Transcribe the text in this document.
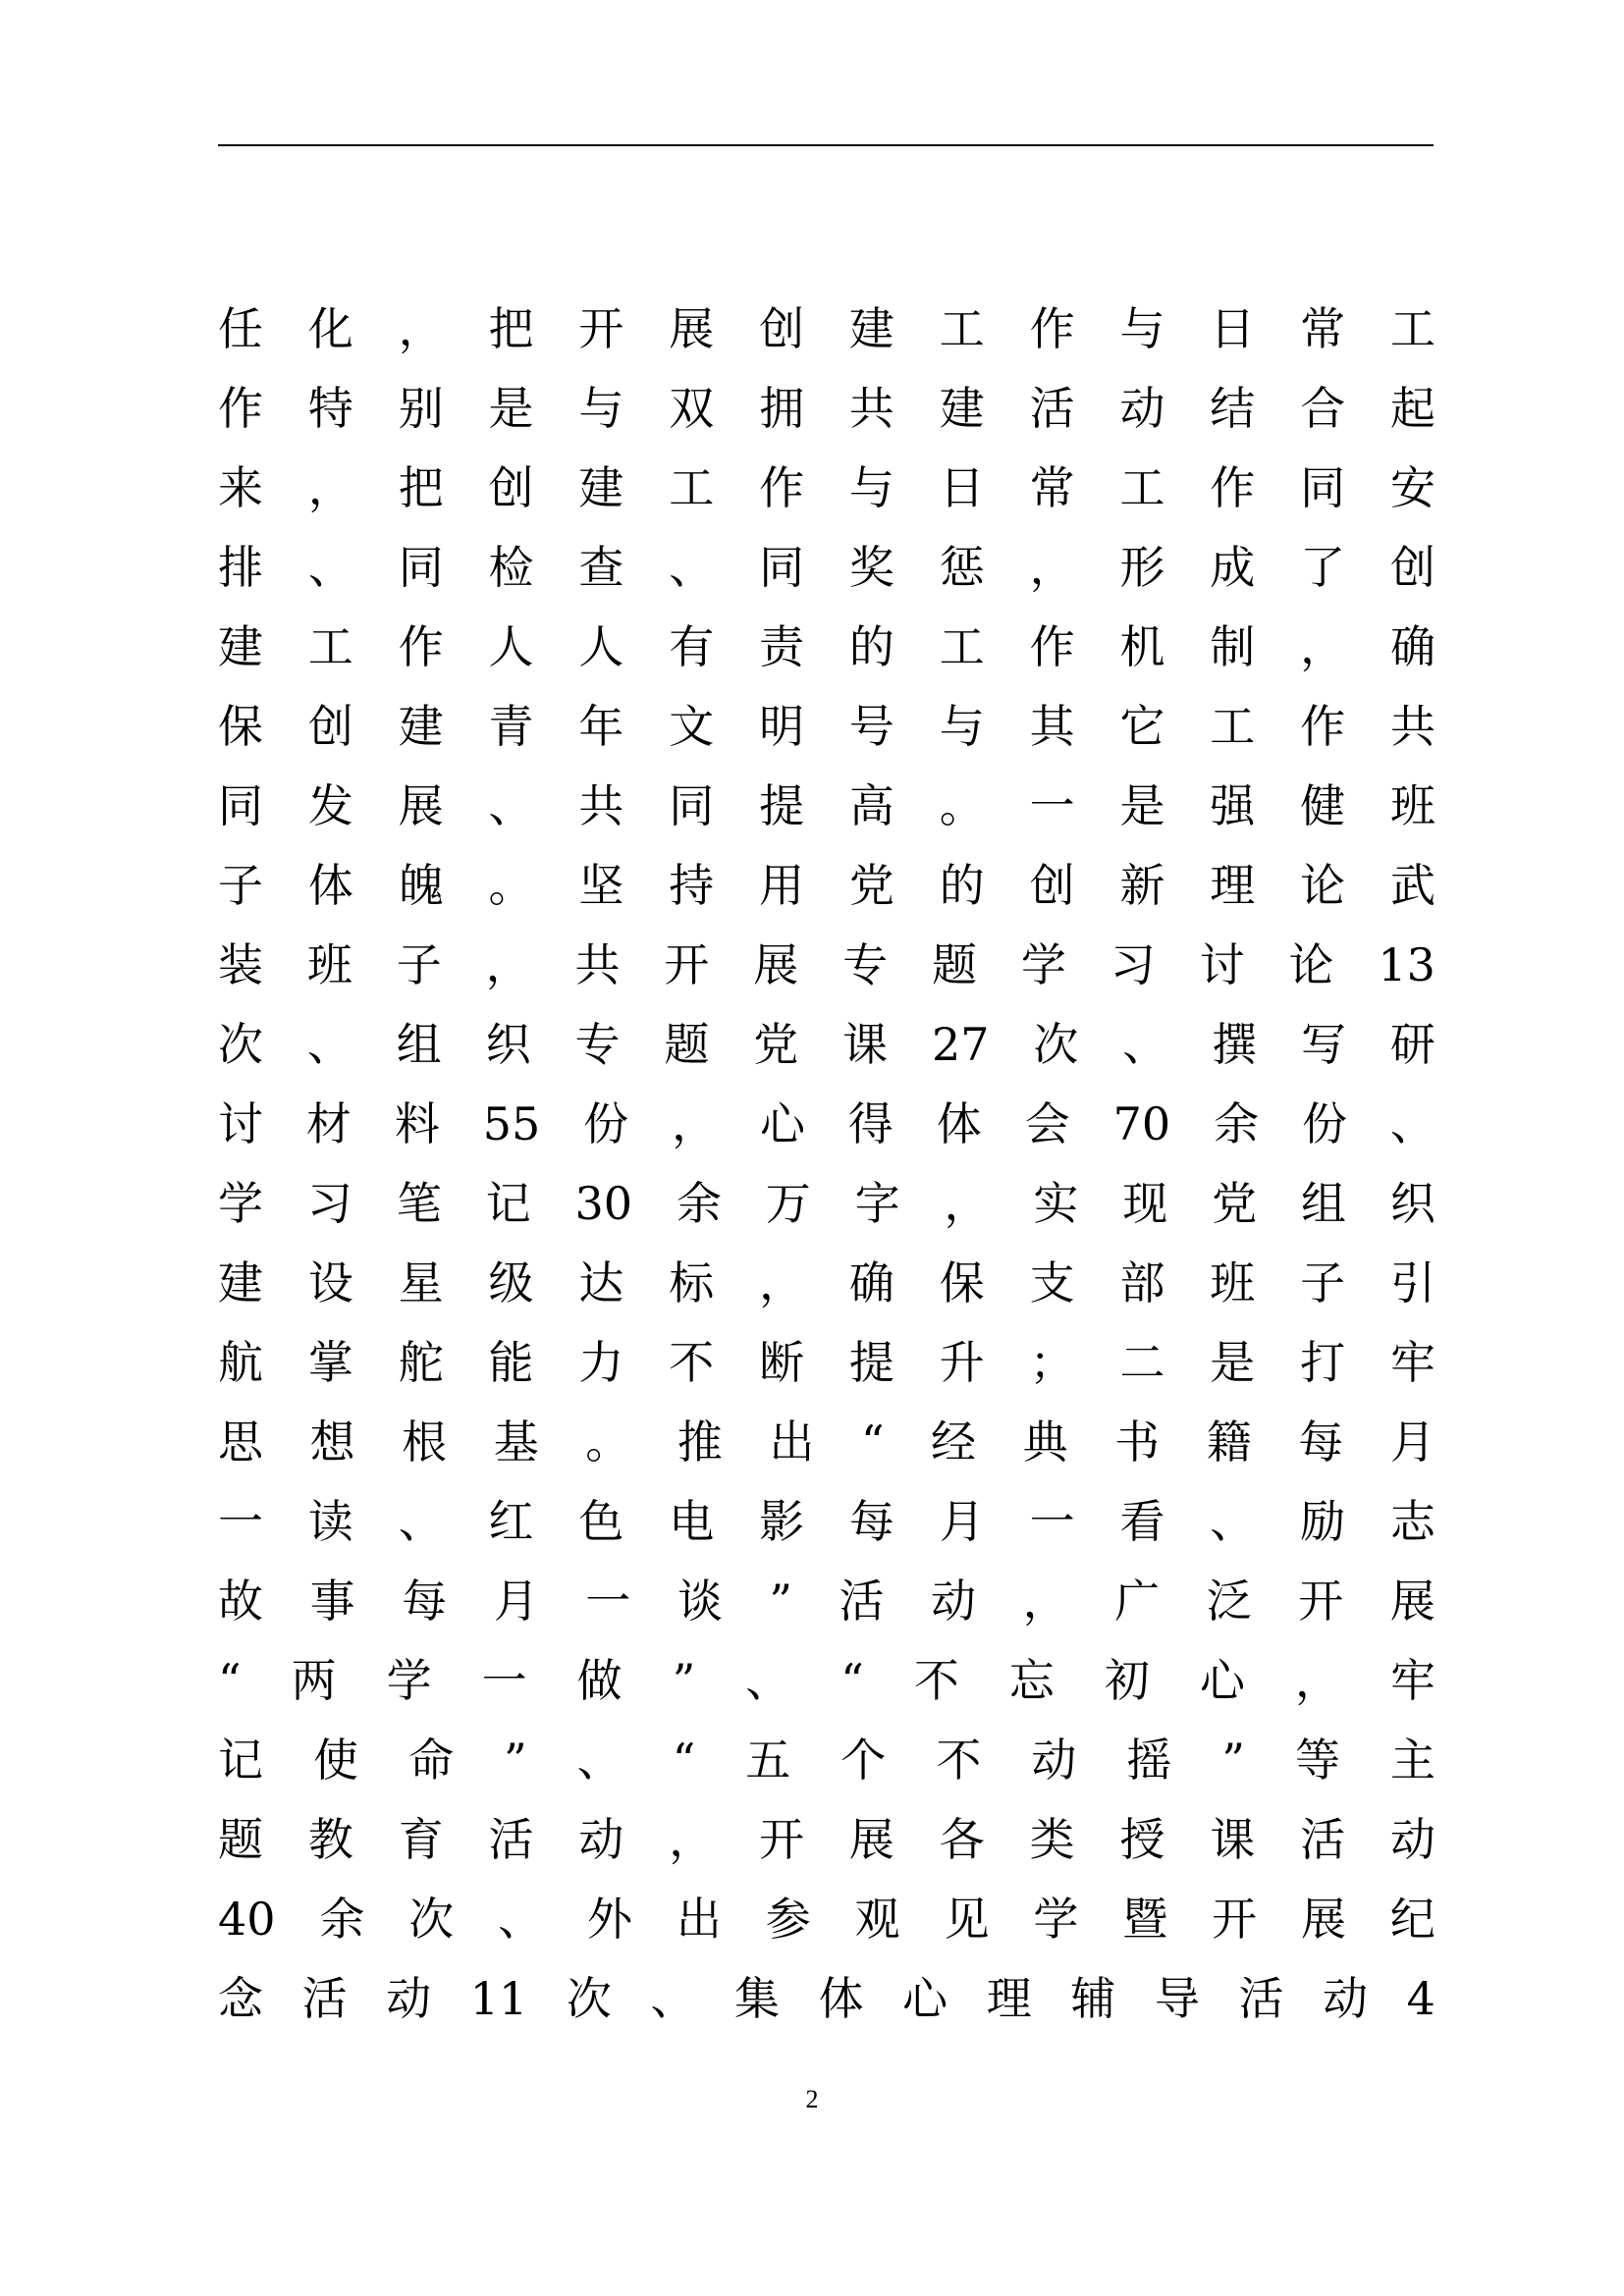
任 化 ， 把 开 展 创 建 工 作 与 日 常 工
作 特 别 是 与 双 拥 共 建 活 动 结 合 起
来 ， 把 创 建 工 作 与 日 常 工 作 同 安
排 、 同 检 查 、 同 奖 惩 ， 形 成 了 创
建 工 作 人 人 有 责 的 工 作 机 制 ， 确
保 创 建 青 年 文 明 号 与 其 它 工 作 共
同 发 展 、 共 同 提 高 。 一 是 强 健 班
子 体 魄 。 坚 持 用 党 的 创 新 理 论 武
装 班 子 ， 共 开 展 专 题 学 习 讨 论 13
次 、 组 织 专 题 党 课 27 次 、 撰 写 研
讨 材 料 55 份 ， 心 得 体 会 70 余 份 、
学 习 笔 记 30 余 万 字 ， 实 现 党 组 织
建 设 星 级 达 标 ， 确 保 支 部 班 子 引
航 掌 舵 能 力 不 断 提 升 ； 二 是 打 牢
思 想 根 基 。 推 出 “ 经 典 书 籍 每 月
一 读 、 红 色 电 影 每 月 一 看 、 励 志
故 事 每 月 一 谈 ” 活 动 ， 广 泛 开 展
“ 两 学 一 做 ” 、 “ 不 忘 初 心 ， 牢
记 使 命 ” 、 “ 五 个 不 动 摇 ” 等 主
题 教 育 活 动 ， 开 展 各 类 授 课 活 动
40 余 次 、 外 出 参 观 见 学 暨 开 展 纪
念 活 动 11 次 、 集 体 心 理 辅 导 活 动 4
2
